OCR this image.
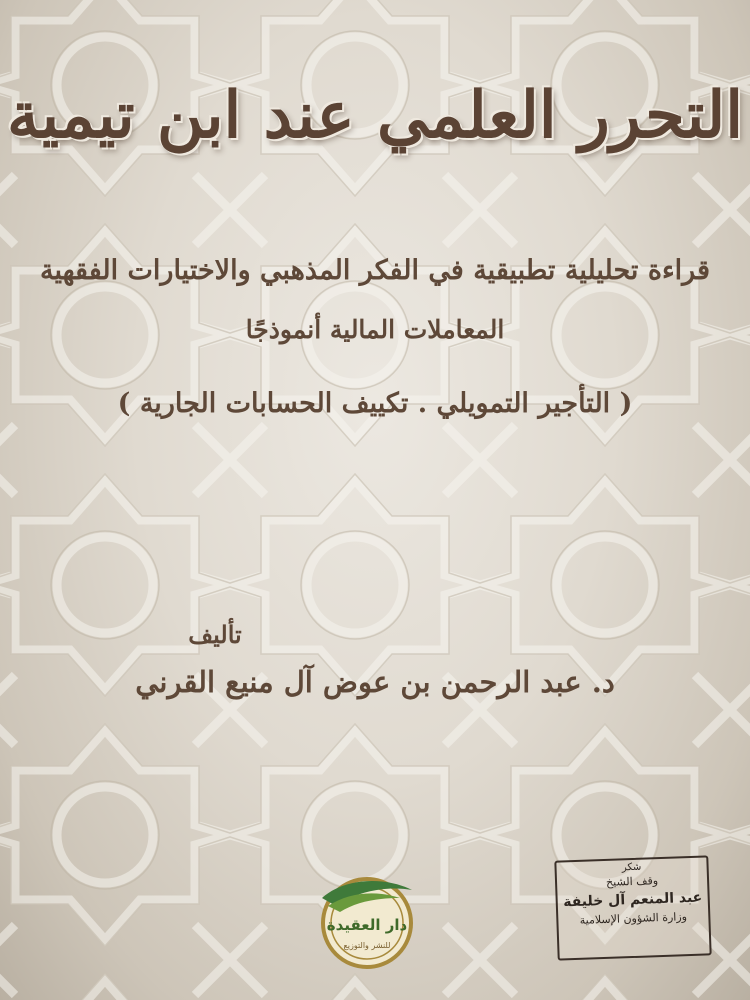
التحرر العلمي عند ابن تيمية
قراءة تحليلية تطبيقية في الفكر المذهبي والاختيارات الفقهية
المعاملات المالية أنموذجًا
( التأجير التمويلي . تكييف الحسابات الجارية )
تأليف
د. عبد الرحمن بن عوض آل منيع القرني
دار العقيدة
للنشر والتوزيع
شكر
وقف الشيخ
عبد المنعم آل خليفة
وزارة الشؤون الإسلامية
